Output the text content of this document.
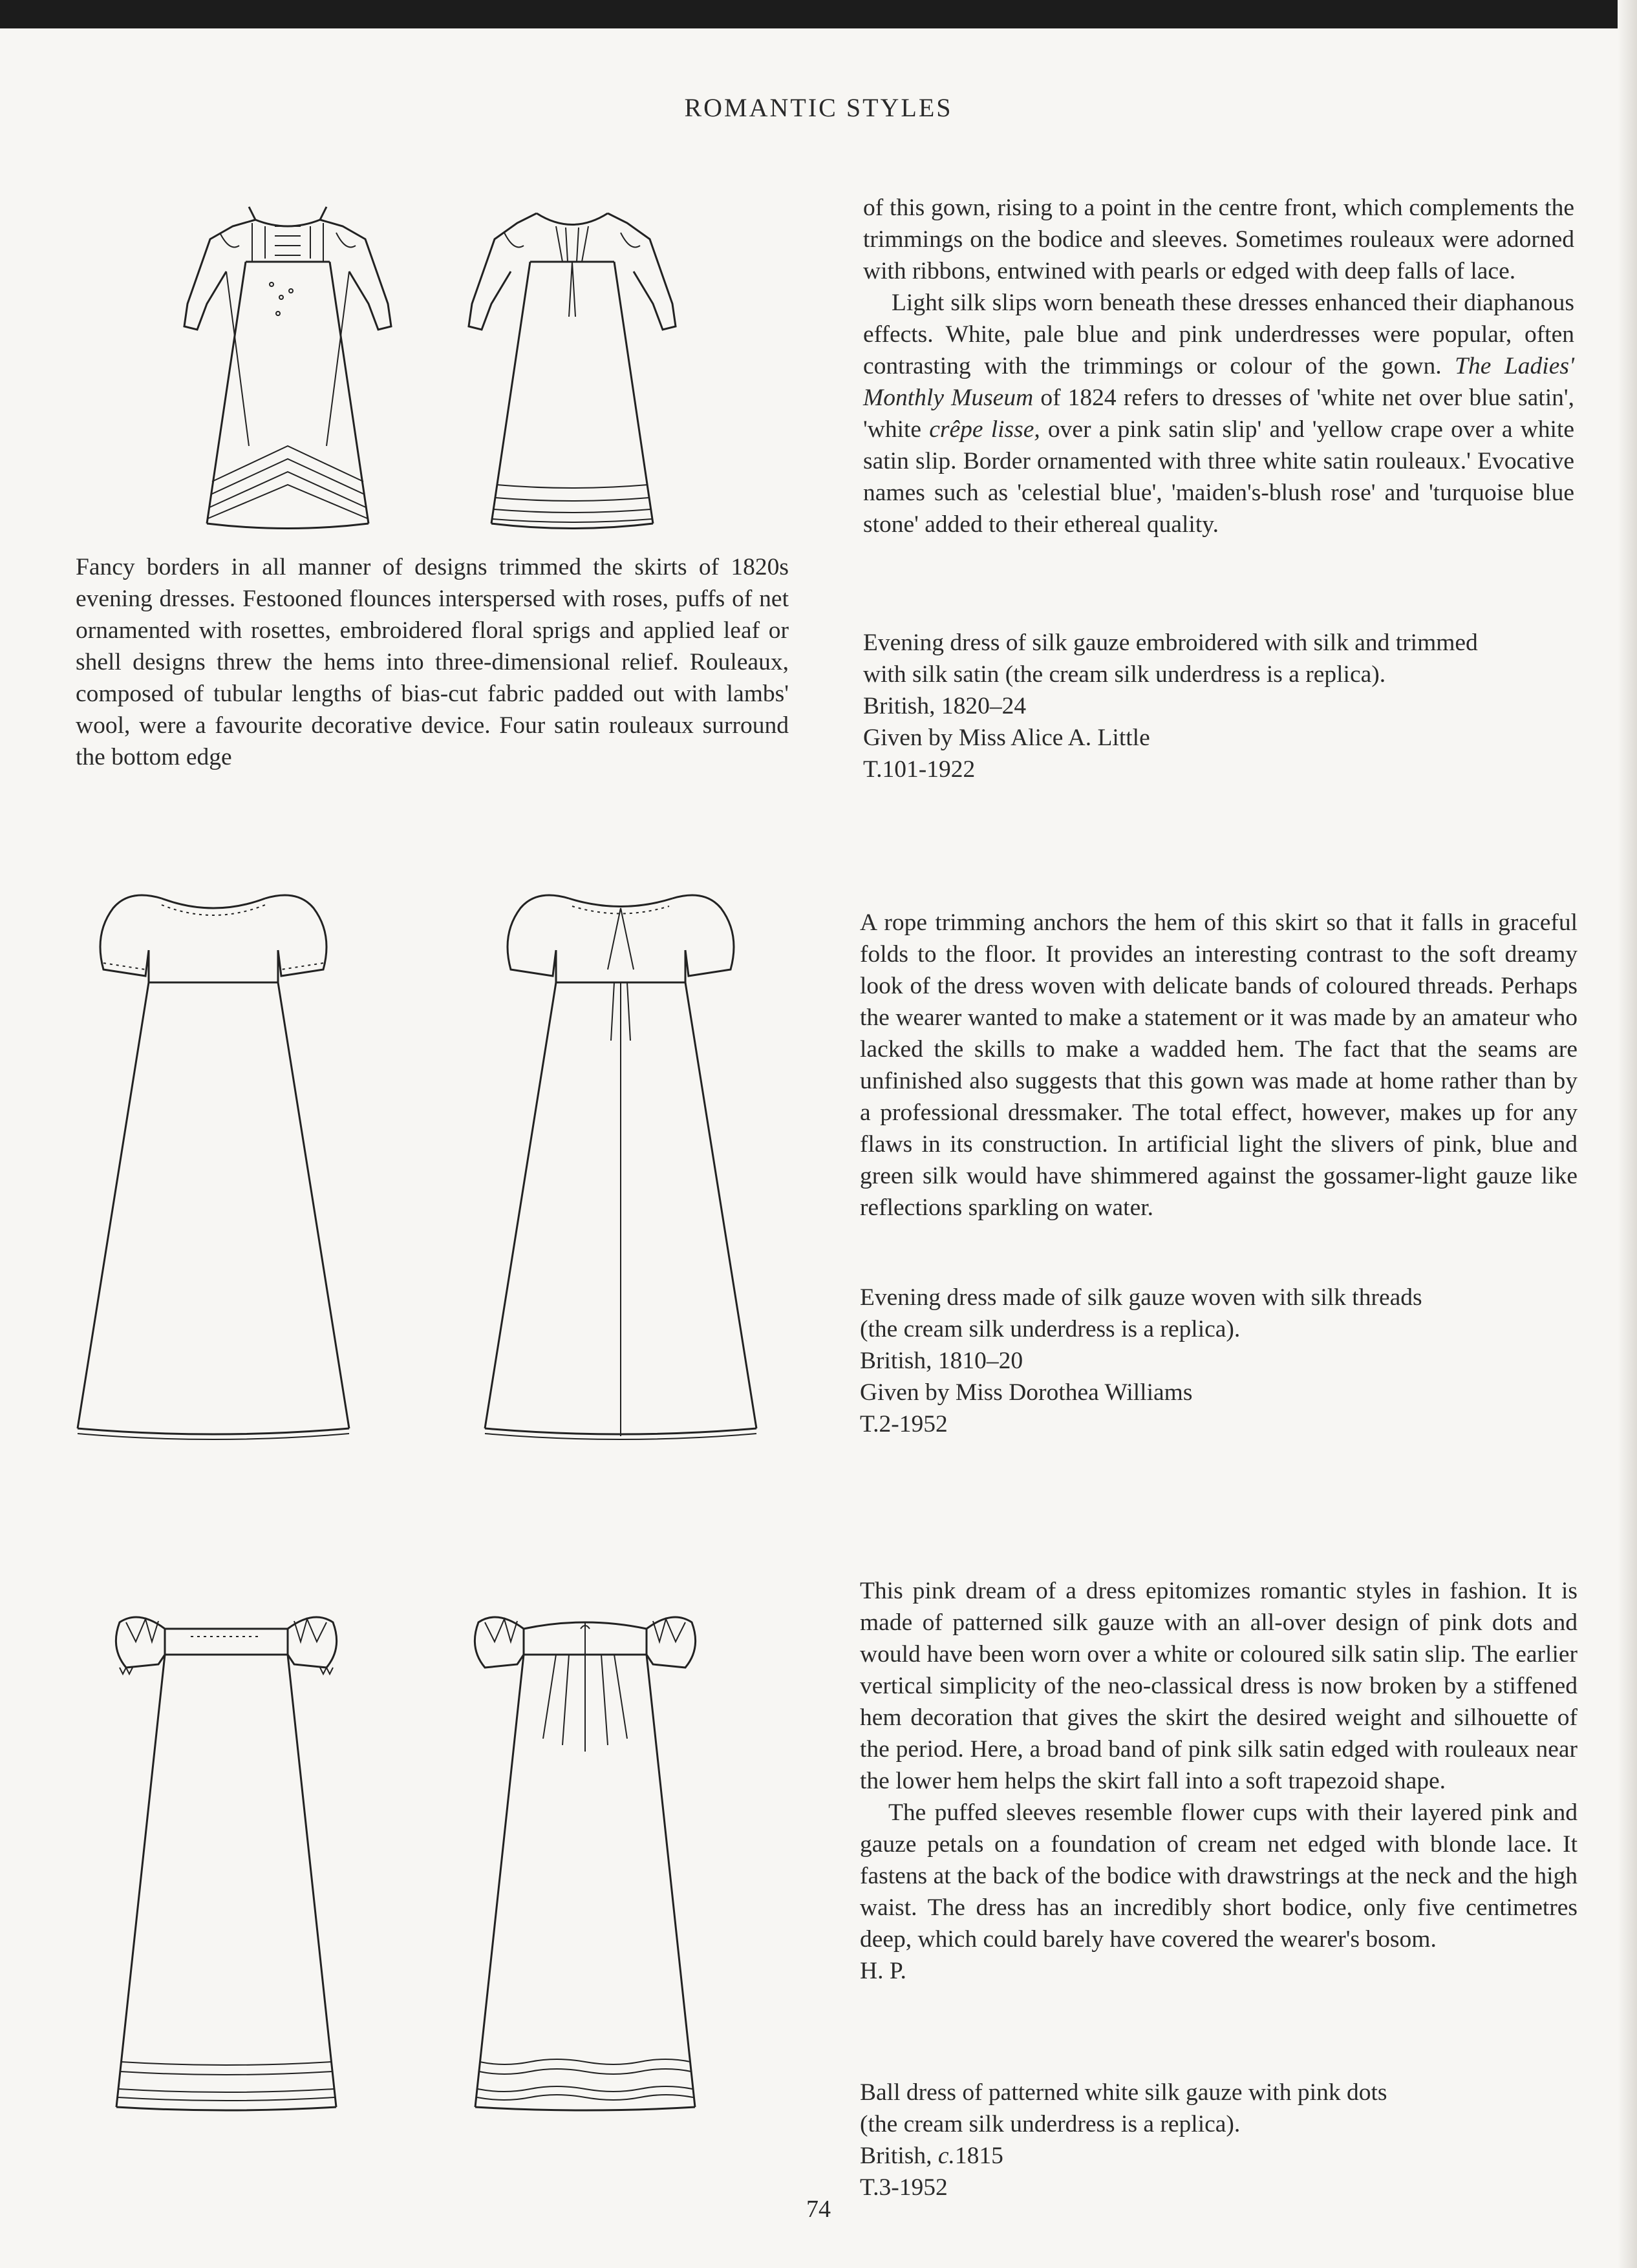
ROMANTIC STYLES

Fancy borders in all manner of designs trimmed the skirts of 1820s evening dresses. Festooned flounces interspersed with roses, puffs of net ornamented with rosettes, embroidered floral sprigs and applied leaf or shell designs threw the hems into three-dimensional relief. Rouleaux, composed of tubular lengths of bias-cut fabric padded out with lambs' wool, were a favourite decorative device. Four satin rouleaux surround the bottom edge

of this gown, rising to a point in the centre front, which complements the trimmings on the bodice and sleeves. Sometimes rouleaux were adorned with ribbons, entwined with pearls or edged with deep falls of lace.

Light silk slips worn beneath these dresses enhanced their diaphanous effects. White, pale blue and pink underdresses were popular, often contrasting with the trimmings or colour of the gown. The Ladies' Monthly Museum of 1824 refers to dresses of 'white net over blue satin', 'white crêpe lisse, over a pink satin slip' and 'yellow crape over a white satin slip. Border ornamented with three white satin rouleaux.' Evocative names such as 'celestial blue', 'maiden's-blush rose' and 'turquoise blue stone' added to their ethereal quality.

Evening dress of silk gauze embroidered with silk and trimmed
with silk satin (the cream silk underdress is a replica).
British, 1820–24
Given by Miss Alice A. Little
T.101-1922

A rope trimming anchors the hem of this skirt so that it falls in graceful folds to the floor. It provides an interesting contrast to the soft dreamy look of the dress woven with delicate bands of coloured threads. Perhaps the wearer wanted to make a statement or it was made by an amateur who lacked the skills to make a wadded hem. The fact that the seams are unfinished also suggests that this gown was made at home rather than by a professional dressmaker. The total effect, however, makes up for any flaws in its construction. In artificial light the slivers of pink, blue and green silk would have shimmered against the gossamer-light gauze like reflections sparkling on water.

Evening dress made of silk gauze woven with silk threads
(the cream silk underdress is a replica).
British, 1810–20
Given by Miss Dorothea Williams
T.2-1952

This pink dream of a dress epitomizes romantic styles in fashion. It is made of patterned silk gauze with an all-over design of pink dots and would have been worn over a white or coloured silk satin slip. The earlier vertical simplicity of the neo-classical dress is now broken by a stiffened hem decoration that gives the skirt the desired weight and silhouette of the period. Here, a broad band of pink silk satin edged with rouleaux near the lower hem helps the skirt fall into a soft trapezoid shape.

The puffed sleeves resemble flower cups with their layered pink and gauze petals on a foundation of cream net edged with blonde lace. It fastens at the back of the bodice with drawstrings at the neck and the high waist. The dress has an incredibly short bodice, only five centimetres deep, which could barely have covered the wearer's bosom.

H. P.

Ball dress of patterned white silk gauze with pink dots
(the cream silk underdress is a replica).
British, c.1815
T.3-1952
74
